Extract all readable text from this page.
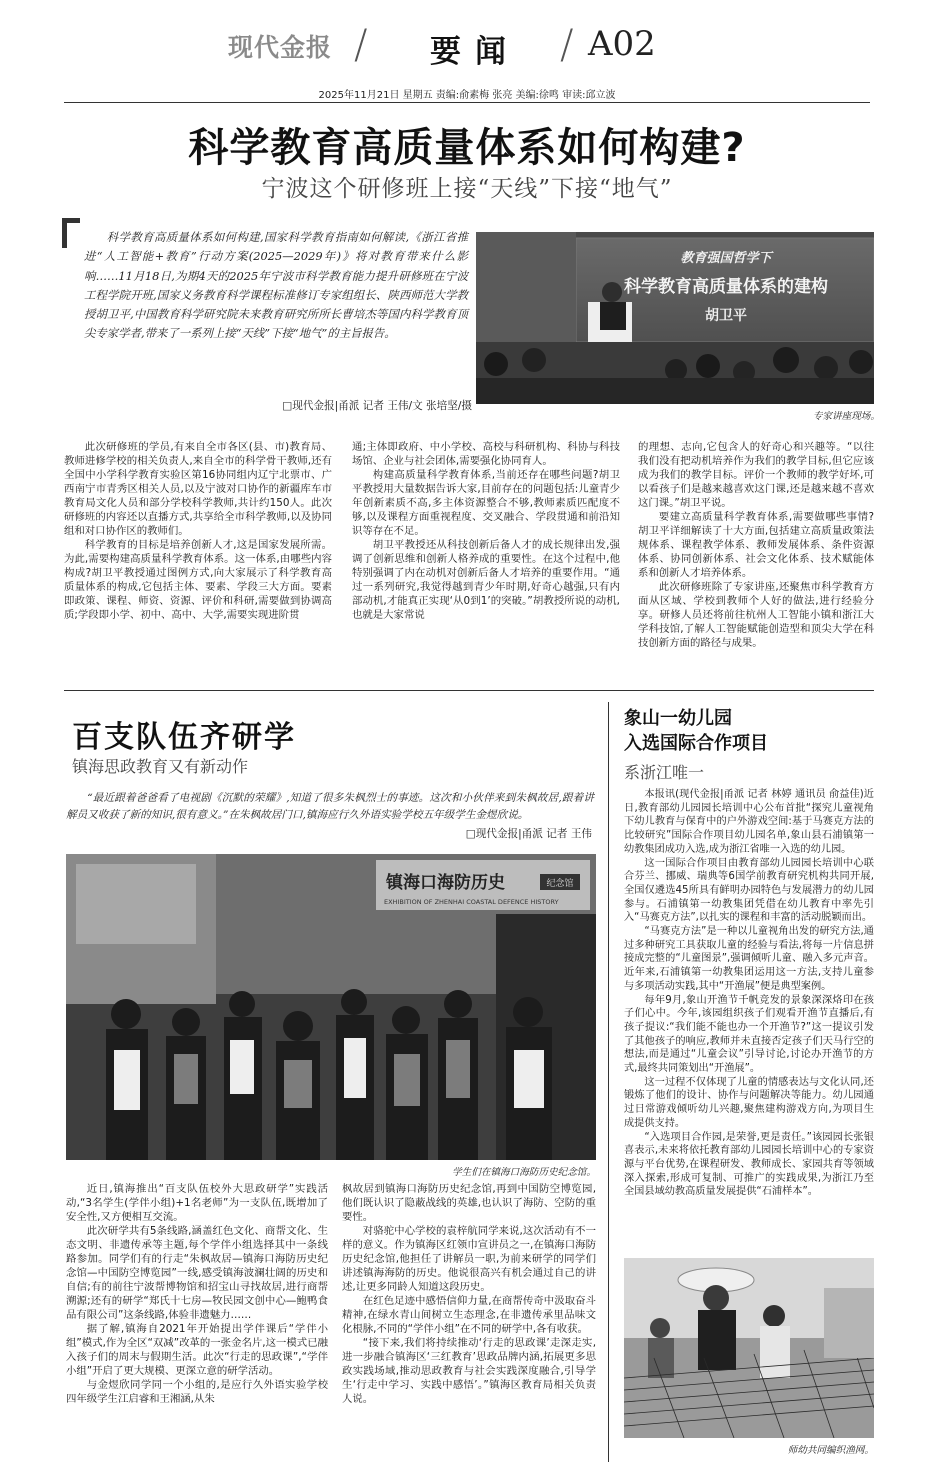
现代金报 / 要闻 / A02
2025年11月21日 星期五 责编:俞素梅 张亮 美编:徐鸣 审读:邱立波
科学教育高质量体系如何构建?
宁波这个研修班上接“天线”下接“地气”
科学教育高质量体系如何构建,国家科学教育指南如何解读,《浙江省推进“人工智能+教育”行动方案(2025—2029年)》将对教育带来什么影响……11月18日,为期4天的2025年宁波市科学教育能力提升研修班在宁波工程学院开班,国家义务教育科学课程标准修订专家组组长、陕西师范大学教授胡卫平,中国教育科学研究院未来教育研究所所长曹培杰等国内科学教育顶尖专家学者,带来了一系列上接“天线”下接“地气”的主旨报告。
□现代金报|甬派 记者 王伟/文 张培坚/摄
教育强国哲学下
科学教育高质量体系的建构
胡卫平
专家讲座现场。

此次研修班的学员,有来自全市各区(县、市)教育局、教师进修学校的相关负责人,来自全市的科学骨干教师,还有全国中小学科学教育实验区第16协同组内辽宁北票市、广西南宁市青秀区相关人员,以及宁波对口协作的新疆库车市教育局文化人员和部分学校科学教师,共计约150人。此次研修班的内容还以直播方式,共享给全市科学教师,以及协同组和对口协作区的教师们。

科学教育的目标是培养创新人才,这是国家发展所需。为此,需要构建高质量科学教育体系。这一体系,由哪些内容构成?胡卫平教授通过图例方式,向大家展示了科学教育高质量体系的构成,它包括主体、要素、学段三大方面。要素即政策、课程、师资、资源、评价和科研,需要做到协调高质;学段即小学、初中、高中、大学,需要实现进阶贯

通;主体即政府、中小学校、高校与科研机构、科协与科技场馆、企业与社会团体,需要强化协同育人。

构建高质量科学教育体系,当前还存在哪些问题?胡卫平教授用大量数据告诉大家,目前存在的问题包括:儿童青少年创新素质不高,多主体资源整合不够,教师素质匹配度不够,以及课程方面重视程度、交叉融合、学段贯通和前沿知识等存在不足。

胡卫平教授还从科技创新后备人才的成长规律出发,强调了创新思维和创新人格养成的重要性。在这个过程中,他特别强调了内在动机对创新后备人才培养的重要作用。“通过一系列研究,我觉得越到青少年时期,好奇心越强,只有内部动机,才能真正实现‘从0到1’的突破。”胡教授所说的动机,也就是大家常说

的理想、志向,它包含人的好奇心和兴趣等。“以往我们没有把动机培养作为我们的教学目标,但它应该成为我们的教学目标。评价一个教师的教学好坏,可以看孩子们是越来越喜欢这门课,还是越来越不喜欢这门课。”胡卫平说。

要建立高质量科学教育体系,需要做哪些事情?胡卫平详细解读了十大方面,包括建立高质量政策法规体系、课程教学体系、教师发展体系、条件资源体系、协同创新体系、社会文化体系、技术赋能体系和创新人才培养体系。

此次研修班除了专家讲座,还聚焦市科学教育方面从区域、学校到教师个人好的做法,进行经验分享。研修人员还将前往杭州人工智能小镇和浙江大学科技馆,了解人工智能赋能创造型和顶尖大学在科技创新方面的路径与成果。

百支队伍齐研学
镇海思政教育又有新动作
“最近跟着爸爸看了电视剧《沉默的荣耀》,知道了很多朱枫烈士的事迹。这次和小伙伴来到朱枫故居,跟着讲解员又收获了新的知识,很有意义。”在朱枫故居门口,镇海应行久外语实验学校五年级学生金煜欣说。
□现代金报|甬派 记者 王伟
镇海口海防历史	纪念馆
EXHIBITION OF ZHENHAI COASTAL DEFENCE HISTORY
学生们在镇海口海防历史纪念馆。

近日,镇海推出“百支队伍校外大思政研学”实践活动,“3名学生(学伴小组)+1名老师”为一支队伍,既增加了安全性,又方便相互交流。

此次研学共有5条线路,涵盖红色文化、商帮文化、生态文明、非遗传承等主题,每个学伴小组选择其中一条线路参加。同学们有的行走“朱枫故居—镇海口海防历史纪念馆—中国防空博览园”一线,感受镇海波澜壮阔的历史和自信;有的前往宁波帮博物馆和招宝山寻找故居,进行商帮溯源;还有的研学“郑氏十七房—牧民园文创中心—鲍鸭食品有限公司”这条线路,体验非遗魅力……

据了解,镇海自2021年开始提出学伴课后“学伴小组”模式,作为全区“双减”改革的一张金名片,这一模式已融入孩子们的周末与假期生活。此次“行走的思政课”,“学伴小组”开启了更大规模、更深立意的研学活动。

与金煜欣同学同一个小组的,是应行久外语实验学校四年级学生江启睿和王湘涵,从朱

枫故居到镇海口海防历史纪念馆,再到中国防空博览园,他们既认识了隐蔽战线的英雄,也认识了海防、空防的重要性。

对骆驼中心学校的袁梓航同学来说,这次活动有不一样的意义。作为镇海区红领巾宣讲员之一,在镇海口海防历史纪念馆,他担任了讲解员一职,为前来研学的同学们讲述镇海海防的历史。他说很高兴有机会通过自己的讲述,让更多同龄人知道这段历史。

在红色足迹中感悟信仰力量,在商帮传奇中汲取奋斗精神,在绿水青山间树立生态理念,在非遗传承里品味文化根脉,不同的“学伴小组”在不同的研学中,各有收获。

“接下来,我们将持续推动‘行走的思政课’走深走实,进一步融合镇海区‘三红教育’思政品牌内涵,拓展更多思政实践场域,推动思政教育与社会实践深度融合,引导学生‘行走中学习、实践中感悟’。”镇海区教育局相关负责人说。

象山一幼儿园
入选国际合作项目
系浙江唯一

本报讯(现代金报|甬派 记者 林婷 通讯员 俞益佳)近日,教育部幼儿园园长培训中心公布首批“探究儿童视角下幼儿教育与保育中的户外游戏空间:基于马赛克方法的比较研究”国际合作项目幼儿园名单,象山县石浦镇第一幼教集团成功入选,成为浙江省唯一入选的幼儿园。

这一国际合作项目由教育部幼儿园园长培训中心联合芬兰、挪威、瑞典等6国学前教育研究机构共同开展,全国仅遴选45所具有鲜明办园特色与发展潜力的幼儿园参与。石浦镇第一幼教集团凭借在幼儿教育中率先引入“马赛克方法”,以扎实的课程和丰富的活动脱颖而出。

“马赛克方法”是一种以儿童视角出发的研究方法,通过多种研究工具获取儿童的经验与看法,将每一片信息拼接成完整的“儿童图景”,强调倾听儿童、融入多元声音。近年来,石浦镇第一幼教集团运用这一方法,支持儿童参与多项活动实践,其中“开渔展”便是典型案例。

每年9月,象山开渔节千帆竞发的景象深深烙印在孩子们心中。今年,该园组织孩子们观看开渔节直播后,有孩子提议:“我们能不能也办一个开渔节?”这一提议引发了其他孩子的响应,教师并未直接否定孩子们天马行空的想法,而是通过“儿童会议”引导讨论,讨论办开渔节的方式,最终共同策划出“开渔展”。

这一过程不仅体现了儿童的情感表达与文化认同,还锻炼了他们的设计、协作与问题解决等能力。幼儿园通过日常游戏倾听幼儿兴趣,聚焦建构游戏方向,为项目生成提供支持。

“入选项目合作园,是荣誉,更是责任。”该园园长张银喜表示,未来将依托教育部幼儿园园长培训中心的专家资源与平台优势,在课程研发、教师成长、家园共育等领域深入探索,形成可复制、可推广的实践成果,为浙江乃至全国县域幼教高质量发展提供“石浦样本”。

师幼共同编织渔网。
